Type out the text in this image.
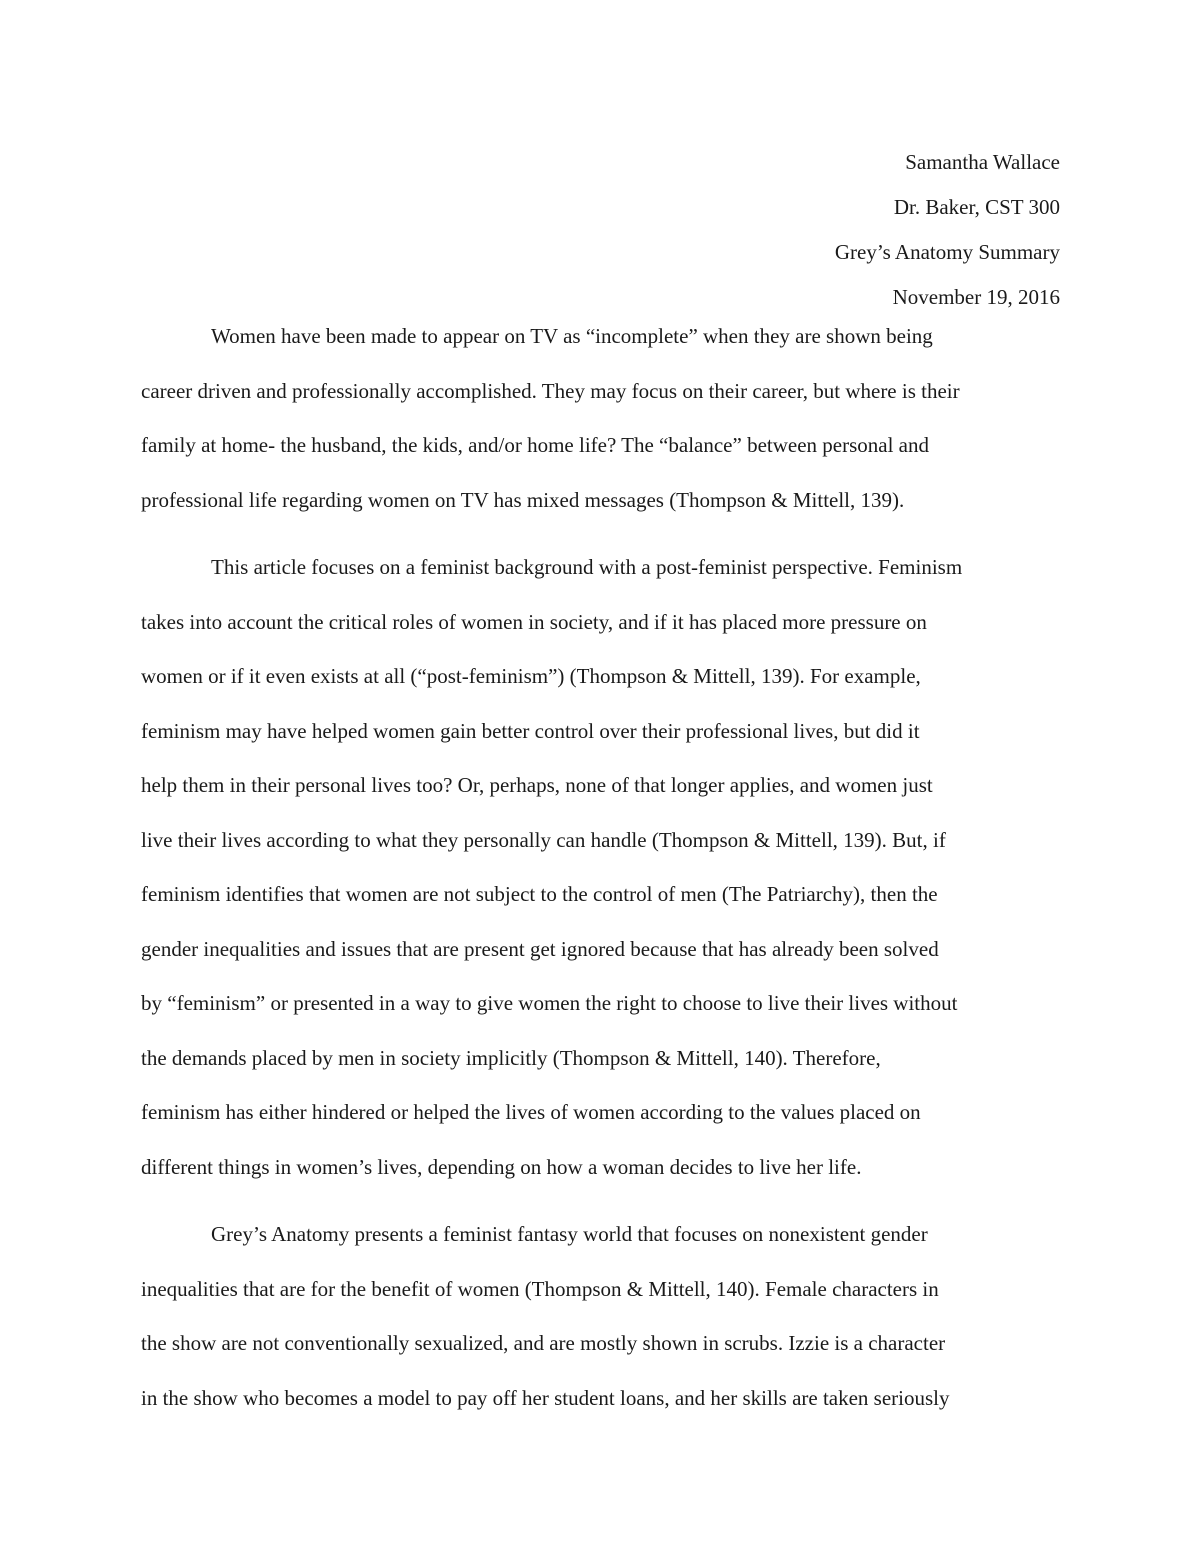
Samantha Wallace
Dr. Baker, CST 300
Grey’s Anatomy Summary
November 19, 2016
Women have been made to appear on TV as “incomplete” when they are shown being
career driven and professionally accomplished. They may focus on their career, but where is their
family at home- the husband, the kids, and/or home life? The “balance” between personal and
professional life regarding women on TV has mixed messages (Thompson & Mittell, 139).
This article focuses on a feminist background with a post-feminist perspective. Feminism
takes into account the critical roles of women in society, and if it has placed more pressure on
women or if it even exists at all (“post-feminism”) (Thompson & Mittell, 139). For example,
feminism may have helped women gain better control over their professional lives, but did it
help them in their personal lives too? Or, perhaps, none of that longer applies, and women just
live their lives according to what they personally can handle (Thompson & Mittell, 139). But, if
feminism identifies that women are not subject to the control of men (The Patriarchy), then the
gender inequalities and issues that are present get ignored because that has already been solved
by “feminism” or presented in a way to give women the right to choose to live their lives without
the demands placed by men in society implicitly (Thompson & Mittell, 140). Therefore,
feminism has either hindered or helped the lives of women according to the values placed on
different things in women’s lives, depending on how a woman decides to live her life.
Grey’s Anatomy presents a feminist fantasy world that focuses on nonexistent gender
inequalities that are for the benefit of women (Thompson & Mittell, 140). Female characters in
the show are not conventionally sexualized, and are mostly shown in scrubs. Izzie is a character
in the show who becomes a model to pay off her student loans, and her skills are taken seriously
